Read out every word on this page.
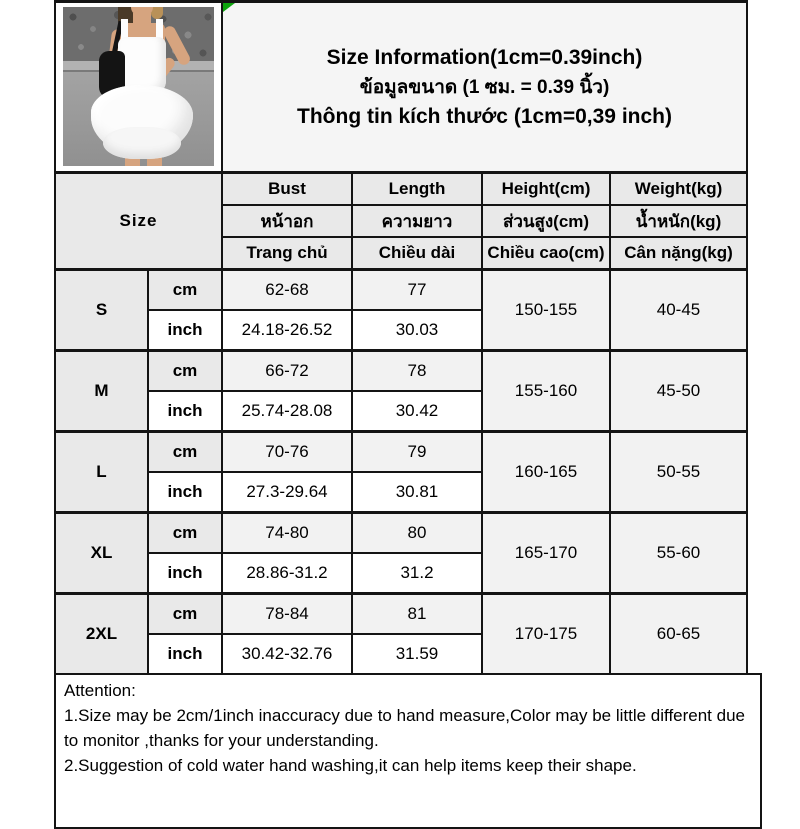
		Size Information(1cm=0.39inch)
ข้อมูลขนาด (1 ซม. = 0.39 นิ้ว)
Thông tin kích thước (1cm=0,39 inch)			

Size		Bust	Length	Height(cm)	Weight(kg)
		หน้าอก	ความยาว	ส่วนสูง(cm)	น้ำหนัก(kg)
		Trang chủ	Chiều dài	Chiều cao(cm)	Cân nặng(kg)
S	cm	62-68	77	150-155	40-45
	inch	24.18-26.52	30.03		
M	cm	66-72	78	155-160	45-50
	inch	25.74-28.08	30.42		
L	cm	70-76	79	160-165	50-55
	inch	27.3-29.64	30.81		
XL	cm	74-80	80	165-170	55-60
	inch	28.86-31.2	31.2		
2XL	cm	78-84	81	170-175	60-65
	inch	30.42-32.76	31.59		
Attention:
1.Size may be 2cm/1inch inaccuracy due to hand measure,Color may be little different due to monitor ,thanks for your understanding.
2.Suggestion of cold water hand washing,it can help items keep their shape.
